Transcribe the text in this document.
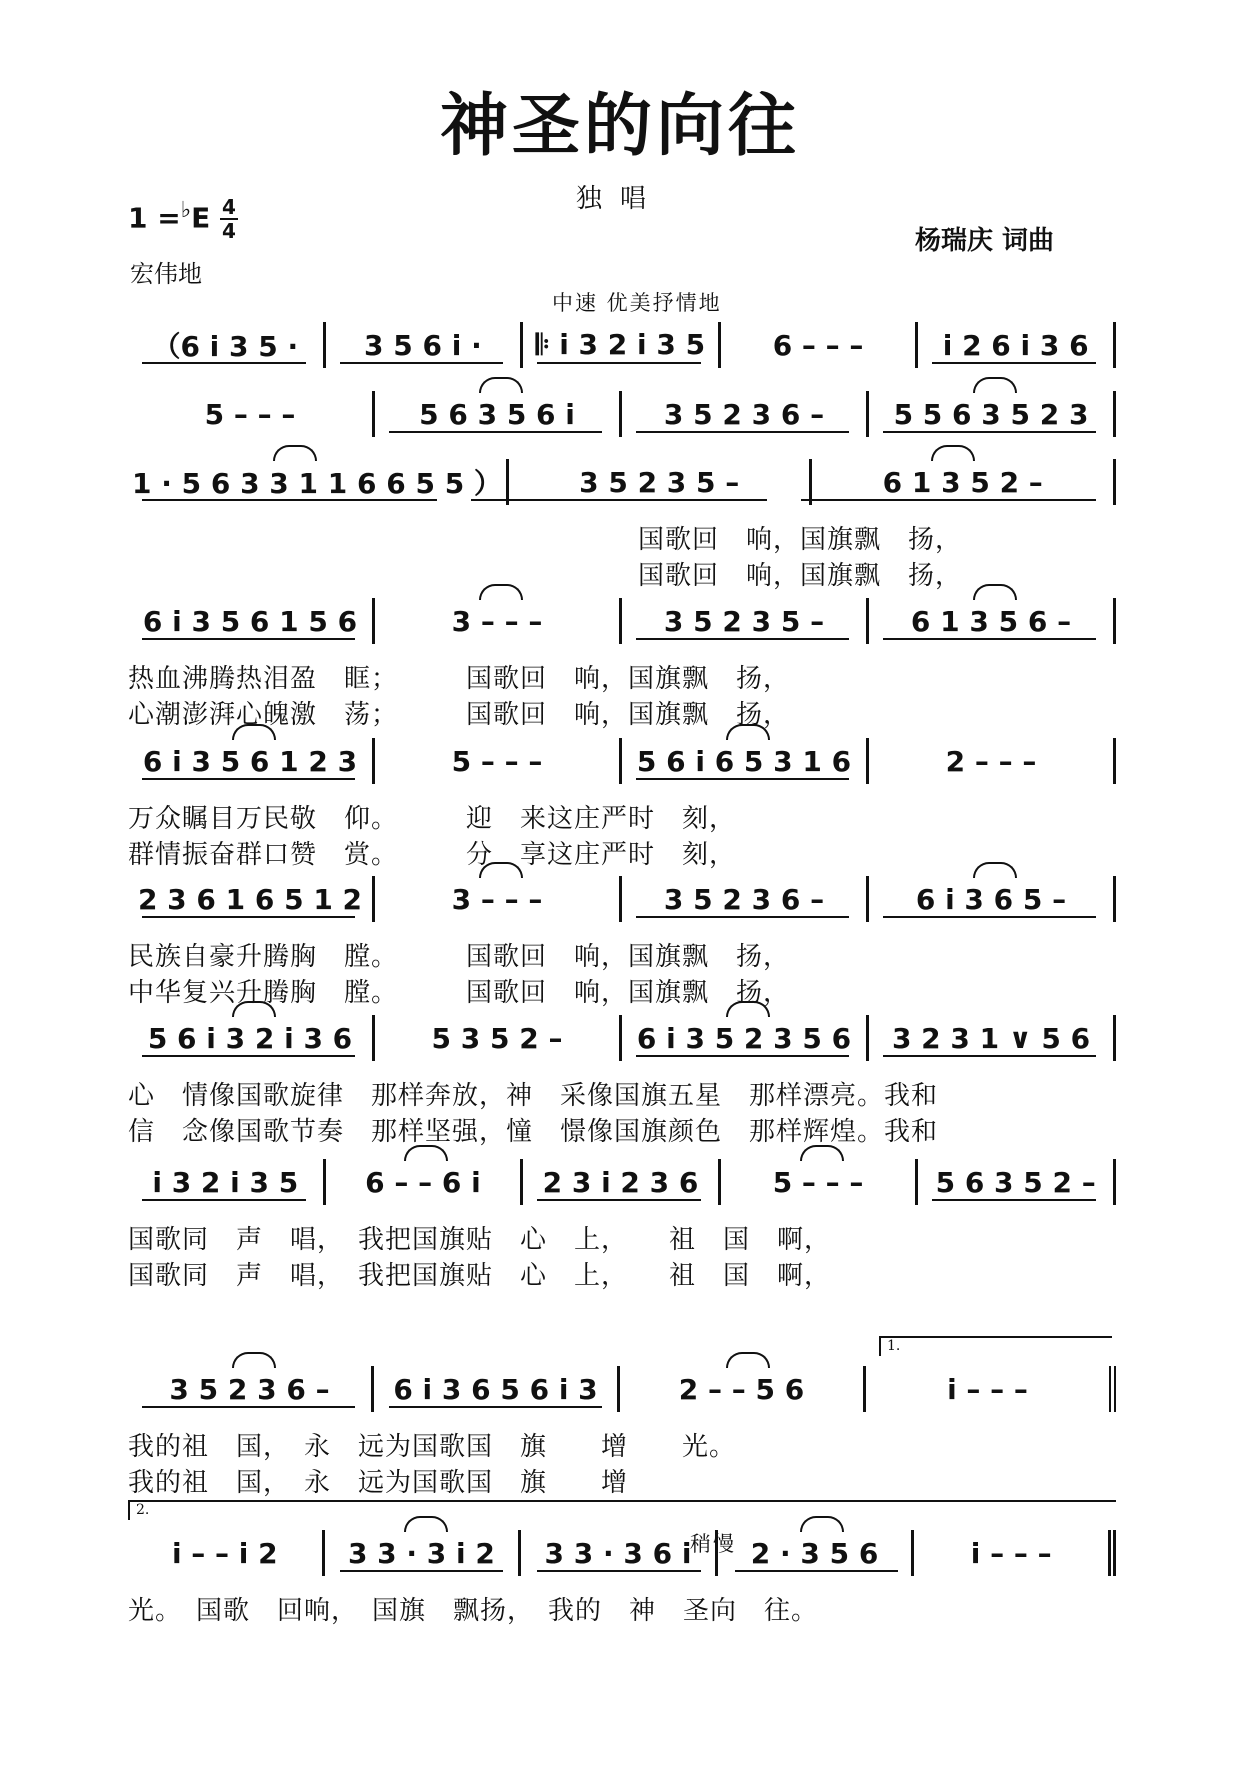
神圣的向往
独唱
1 =♭E 4
4
宏伟地
杨瑞庆 词曲
中速 优美抒情地
稍慢
（6 i 3 5 ·	3 5 6 i ·	𝄆 i 3 2 i 3 5	6 – – –	i 2 6 i 3 6
5 – – –	5 6 3 5 6 i	3 5 2 3 6 –	5 5 6 3 5 2 3
1 · 5 6 3 3 1 1 6 6 5 5 ）	3 5 2 3 5 –	6 1 3 5 2 –
国歌回　响，国旗飘　扬，
国歌回　响，国旗飘　扬，
6 i 3 5 6 1 5 6	3 – – –	3 5 2 3 5 –	6 1 3 5 6 –
热血沸腾热泪盈　眶；　　　国歌回　响，国旗飘　扬，
心潮澎湃心魄激　荡；　　　国歌回　响，国旗飘　扬，
6 i 3 5 6 1 2 3	5 – – –	5 6 i 6 5 3 1 6	2 – – –
万众瞩目万民敬　仰。　　　迎　来这庄严时　刻，
群情振奋群口赞　赏。　　　分　享这庄严时　刻，
2 3 6 1 6 5 1 2	3 – – –	3 5 2 3 6 –	6 i 3 6 5 –
民族自豪升腾胸　膛。　　　国歌回　响，国旗飘　扬，
中华复兴升腾胸　膛。　　　国歌回　响，国旗飘　扬，
5 6 i 3 2 i 3 6	5 3 5 2 –	6 i 3 5 2 3 5 6	3 2 3 1 ∨ 5 6
心　情像国歌旋律　那样奔放，神　采像国旗五星　那样漂亮。我和
信　念像国歌节奏　那样坚强，憧　憬像国旗颜色　那样辉煌。我和
i 3 2 i 3 5	6 – – 6 i	2 3 i 2 3 6	5 – – –	5 6 3 5 2 –
国歌同　声　唱，　我把国旗贴　心　上，　　祖　国　啊，
国歌同　声　唱，　我把国旗贴　心　上，　　祖　国　啊，
3 5 2 3 6 –	6 i 3 6 5 6 i 3	2 – – 5 6	i – – –
1.
我的祖　国，　永　远为国歌国　旗　　增　　光。
我的祖　国，　永　远为国歌国　旗　　增
i – – i 2	3 3 · 3 i 2	3 3 · 3 6 i	2 · 3 5 6	i – – –
2.
光。　国歌　回响，　国旗　飘扬，　我的　神　圣向　往。
